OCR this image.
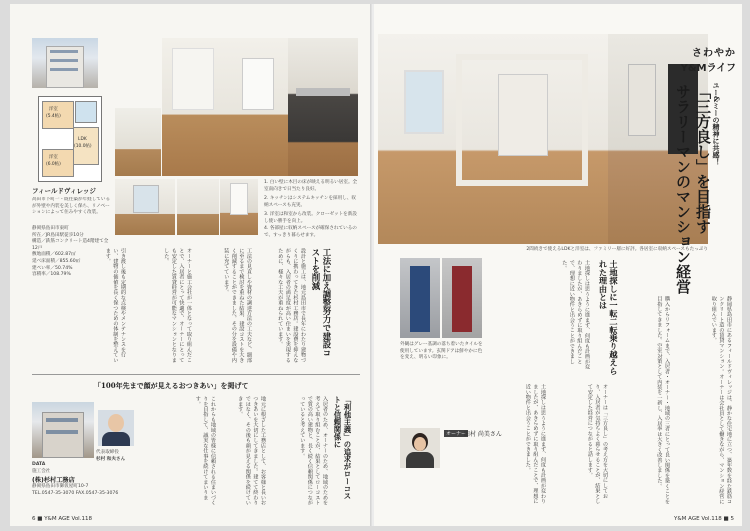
洋室
(5.4帖)
洋室
(6.0帖)
LDK
(10.0帖)
フィールドヴィレッジ
高田市下町一・既往築が年経しているが外壁や内装を美しく保ち、リノベーションによって住みやすく改装。
静岡県島田市東町
所在／JR島田駅徒歩10分
構造／鉄筋コンクリート造4階建て全12戸
敷地面積／602.87㎡
延べ床面積／855.60㎡
建ぺい率／50.74%
容積率／108.79%
1. 白い壁に木目の床が映える明るい居室。全室南向きで日当たり良好。
2. キッチンはシステムキッチンを採用し、収納スペースも充実。
3. 洋室は和室から改装。クローゼットを新設し使い勝手を向上。
4. 各部屋に収納スペースが確保されているので、すっきり暮らせます。
工法に加え調整努力で建設コストを削減
設計と施工は、地元島田市で長年にわたり建物づくりに携わってきた杉村工務店。建設費を抑えながらも、入居者の満足度が高い住まいを実現するために、様々な工夫が重ねられています。
工法の見直しや資材の調達方法の工夫など、細部に至るまで検討を重ねた結果、建設コストを大きく削減することができました。その分を設備や内装に充てています。
オーナーと施工会社が一体となって取り組んだことで、入居者にとって快適で、オーナーにとっても安定した賃貸経営が可能なマンションとなりました。
引き渡し後も定期的な点検やメンテナンスを行い、建物の価値を長く保つための体制を整えています。
「100年先まで顔が見えるおつきあい」を掲げて
代表取締役
杉村 和夫さん
DATA
施工会社
(株)杉村工務店
静岡県島田市御仮屋町10-7
TEL.0547-35-3070 FAX.0547-35-3076	地元に根ざした工務店として、お客様と長いおつきあいを大切にしてきました。建てて終わりではなく、その後も顔が見える関係を続けていきます。
これからも地域の皆様に信頼される住まいづくりを目指して、誠実な仕事を続けてまいります。	入居者のため、オーナーのため、地域のためを考えて取り組むことが、結果としてローコストで質の高い建物と、長く続く信頼関係につながっていると考えています。	「利他主義」の追求がローコストと信頼関係に
6 ■ Y&M AGE Vol.118
2間続きで使えるLDKと洋室は、ファミリー層に好評。各居室に収納スペースもたっぷり
さわやか
Y&Mライフ
ユー&ミーの精神に共感！
「三方良し」を目指す
サラリーマンのマンション経営
外観はグレー基調の落ち着いたタイルを使用しています。玄関ドアは鮮やかに色を変え、明るい印象に。	土地探しに一転二転乗り越えられた理由とは
静岡県島田市にあるフィールドヴィレッジは、静かな住宅地に立つ、築年数を経た鉄筋コンクリート造の賃貸マンション。オーナーは会社員として働きながら、マンション経営に取り組んでいます。
土地探しは思うように進まず、何度も計画が変わりましたが、あきらめずに取り組んだことで、理想に近い物件と出会うことができました。
購入からリフォームまで、入居者・オーナー・地域の三者にとって良い関係を築くことを目指してきました。空室対策として内装を一新し、入居率は大きく改善しました。
オーナーは「三方良し」の考え方を大切にしており、入居者が気持ちよく暮らせることが、結果として安定した経営につながると話します。
オーナー
田村 尚美さん	土地探しは思うように進まず、何度も計画が変わりましたが、あきらめずに取り組んだことで、理想に近い物件と出会うことができました。
Y&M AGE Vol.118 ■ 5
